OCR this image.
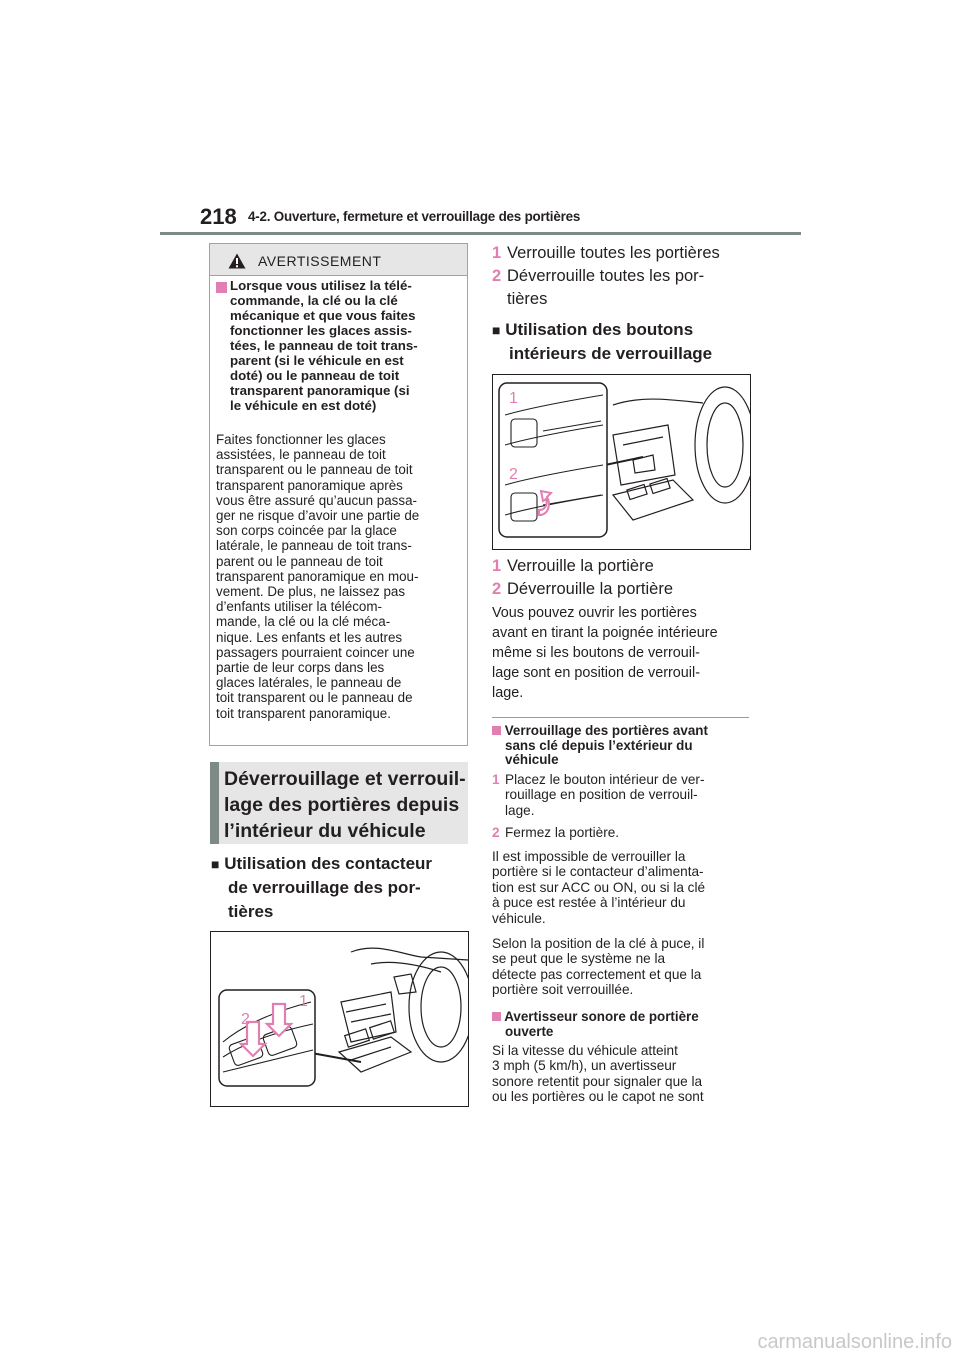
218 4-2. Ouverture, fermeture et verrouillage des portières
AVERTISSEMENT
Lorsque vous utilisez la télé-
commande, la clé ou la clé
mécanique et que vous faites
fonctionner les glaces assis-
tées, le panneau de toit trans-
parent (si le véhicule en est
doté) ou le panneau de toit
transparent panoramique (si
le véhicule en est doté)
Faites fonctionner les glaces
assistées, le panneau de toit
transparent ou le panneau de toit
transparent panoramique après
vous être assuré qu’aucun passa-
ger ne risque d’avoir une partie de
son corps coincée par la glace
latérale, le panneau de toit trans-
parent ou le panneau de toit
transparent panoramique en mou-
vement. De plus, ne laissez pas
d’enfants utiliser la télécom-
mande, la clé ou la clé méca-
nique. Les enfants et les autres
passagers pourraient coincer une
partie de leur corps dans les
glaces latérales, le panneau de
toit transparent ou le panneau de
toit transparent panoramique.
Déverrouillage et verrouil-
lage des portières depuis
l’intérieur du véhicule
■ Utilisation des contacteur
de verrouillage des por-
tières
1
2
1 Verrouille toutes les portières
2 Déverrouille toutes les por-
tières
■ Utilisation des boutons
intérieurs de verrouillage
1
2
1 Verrouille la portière
2 Déverrouille la portière
Vous pouvez ouvrir les portières
avant en tirant la poignée intérieure
même si les boutons de verrouil-
lage sont en position de verrouil-
lage.
Verrouillage des portières avant
sans clé depuis l’extérieur du
véhicule
1 Placez le bouton intérieur de ver-
rouillage en position de verrouil-
lage.
2 Fermez la portière.
Il est impossible de verrouiller la
portière si le contacteur d’alimenta-
tion est sur ACC ou ON, ou si la clé
à puce est restée à l’intérieur du
véhicule.
Selon la position de la clé à puce, il
se peut que le système ne la
détecte pas correctement et que la
portière soit verrouillée.
Avertisseur sonore de portière
ouverte
Si la vitesse du véhicule atteint
3 mph (5 km/h), un avertisseur
sonore retentit pour signaler que la
ou les portières ou le capot ne sont
carmanualsonline.info
